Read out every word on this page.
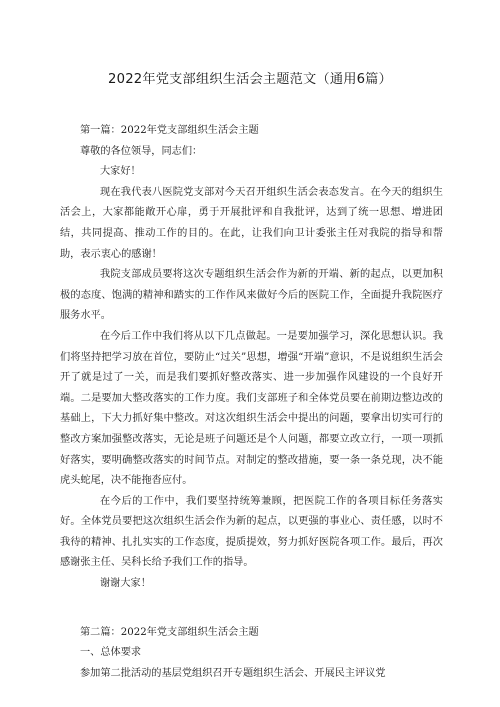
2022年党支部组织生活会主题范文（通用6篇）

第一篇：2022年党支部组织生活会主题

尊敬的各位领导，同志们：

大家好！

现在我代表八医院党支部对今天召开组织生活会表态发言。在今天的组织生活会上，大家都能敞开心扉，勇于开展批评和自我批评，达到了统一思想、增进团结，共同提高、推动工作的目的。在此，让我们向卫计委张主任对我院的指导和帮助，表示衷心的感谢！

我院支部成员要将这次专题组织生活会作为新的开端、新的起点，以更加积极的态度、饱满的精神和踏实的工作作风来做好今后的医院工作，全面提升我院医疗服务水平。

在今后工作中我们将从以下几点做起。一是要加强学习，深化思想认识。我们将坚持把学习放在首位，要防止“过关”思想，增强“开端”意识，不是说组织生活会开了就是过了一关，而是我们要抓好整改落实、进一步加强作风建设的一个良好开端。二是要加大整改落实的工作力度。我们支部班子和全体党员要在前期边整边改的基础上，下大力抓好集中整改。对这次组织生活会中提出的问题，要拿出切实可行的整改方案加强整改落实，无论是班子问题还是个人问题，都要立改立行，一项一项抓好落实，要明确整改落实的时间节点。对制定的整改措施，要一条一条兑现，决不能虎头蛇尾，决不能拖沓应付。

在今后的工作中，我们要坚持统筹兼顾，把医院工作的各项目标任务落实好。全体党员要把这次组织生活会作为新的起点，以更强的事业心、责任感，以时不我待的精神、扎扎实实的工作态度，提质提效，努力抓好医院各项工作。最后，再次感谢张主任、吴科长给予我们工作的指导。

谢谢大家！

第二篇：2022年党支部组织生活会主题

一、总体要求

参加第二批活动的基层党组织召开专题组织生活会、开展民主评议党
